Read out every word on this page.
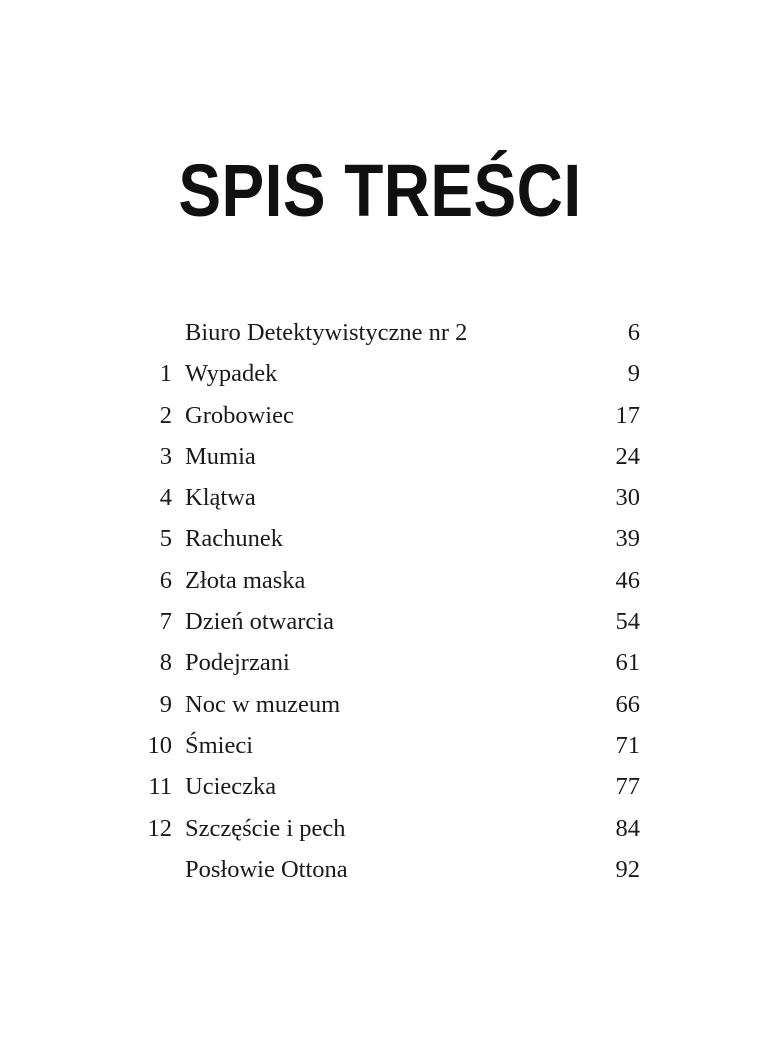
SPIS TREŚCI
Biuro Detektywistyczne nr 2	6
1 Wypadek	9
2 Grobowiec	17
3 Mumia	24
4 Klątwa	30
5 Rachunek	39
6 Złota maska	46
7 Dzień otwarcia	54
8 Podejrzani	61
9 Noc w muzeum	66
10 Śmieci	71
11 Ucieczka	77
12 Szczęście i pech	84
Posłowie Ottona	92
